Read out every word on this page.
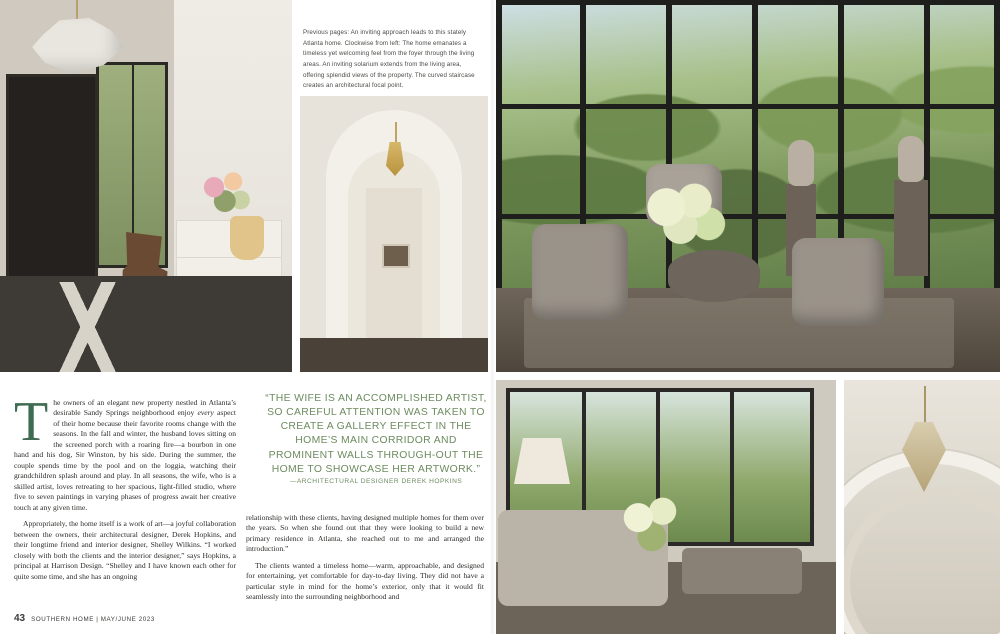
Previous pages: An inviting approach leads to this stately Atlanta home. Clockwise from left: The home emanates a timeless yet welcoming feel from the foyer through the living areas. An inviting solarium extends from the living area, offering splendid views of the property. The curved staircase creates an architectural focal point.
“THE WIFE IS AN ACCOMPLISHED ARTIST, SO CAREFUL ATTENTION WAS TAKEN TO CREATE A GALLERY EFFECT IN THE HOME’S MAIN CORRIDOR AND PROMINENT WALLS THROUGH-OUT THE HOME TO SHOWCASE HER ARTWORK.”
—ARCHITECTURAL DESIGNER DEREK HOPKINS

The owners of an elegant new property nestled in Atlanta’s desirable Sandy Springs neighborhood enjoy every aspect of their home because their favorite rooms change with the seasons. In the fall and winter, the husband loves sitting on the screened porch with a roaring fire—a bourbon in one hand and his dog, Sir Winston, by his side. During the summer, the couple spends time by the pool and on the loggia, watching their grandchildren splash around and play. In all seasons, the wife, who is a skilled artist, loves retreating to her spacious, light-filled studio, where five to seven paintings in varying phases of progress await her creative touch at any given time.

Appropriately, the home itself is a work of art—a joyful collaboration between the owners, their architectural designer, Derek Hopkins, and their longtime friend and interior designer, Shelley Wilkins. “I worked closely with both the clients and the interior designer,” says Hopkins, a principal at Harrison Design. “Shelley and I have known each other for quite some time, and she has an ongoing

relationship with these clients, having designed multiple homes for them over the years. So when she found out that they were looking to build a new primary residence in Atlanta, she reached out to me and arranged the introduction.”

The clients wanted a timeless home—warm, approachable, and designed for entertaining, yet comfortable for day-to-day living. They did not have a particular style in mind for the home’s exterior, only that it would fit seamlessly into the surrounding neighborhood and

43 SOUTHERN HOME | MAY/JUNE 2023
